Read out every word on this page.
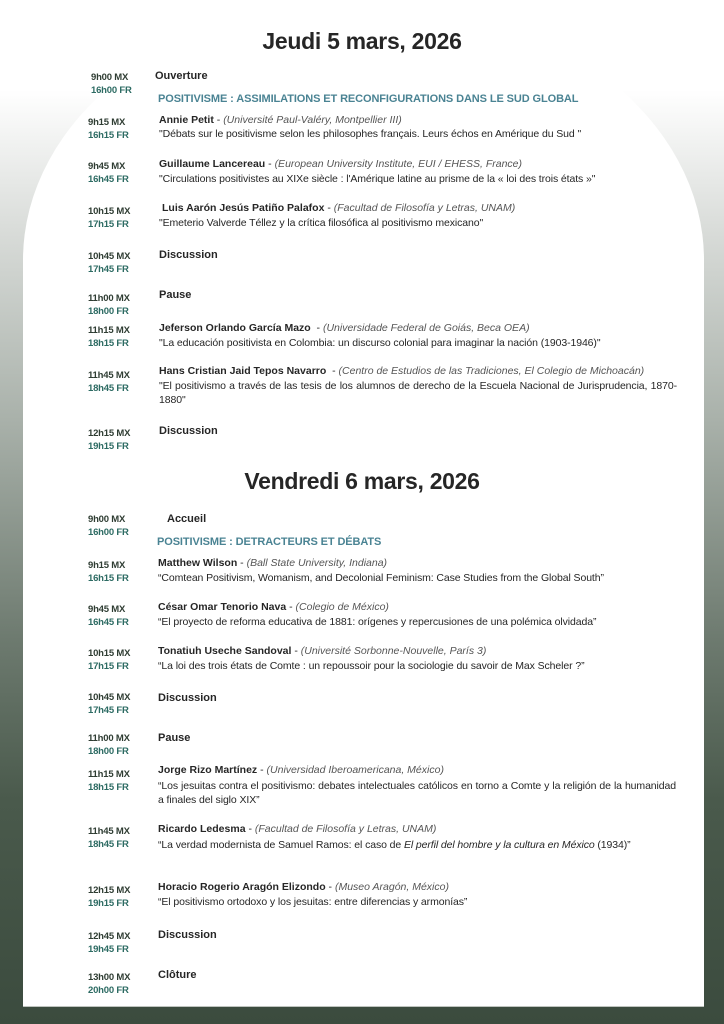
Jeudi 5 mars, 2026
9h00 MX
16h00 FR
Ouverture
POSITIVISME : ASSIMILATIONS ET RECONFIGURATIONS DANS LE SUD GLOBAL
9h15 MX
16h15 FR
Annie Petit - (Université Paul-Valéry, Montpellier III)
"Débats sur le positivisme selon les philosophes français. Leurs échos en Amérique du Sud "
9h45 MX
16h45 FR
Guillaume Lancereau - (European University Institute, EUI / EHESS, France)
"Circulations positivistes au XIXe siècle : l'Amérique latine au prisme de la « loi des trois états »"
10h15 MX
17h15 FR
Luis Aarón Jesús Patiño Palafox - (Facultad de Filosofía y Letras, UNAM)
"Emeterio Valverde Téllez y la crítica filosófica al positivismo mexicano"
10h45 MX
17h45 FR
Discussion
11h00 MX
18h00 FR
Pause
11h15 MX
18h15 FR
Jeferson Orlando García Mazo  - (Universidade Federal de Goiás, Beca OEA)
"La educación positivista en Colombia: un discurso colonial para imaginar la nación (1903-1946)"
11h45 MX
18h45 FR
Hans Cristian Jaid Tepos Navarro  - (Centro de Estudios de las Tradiciones, El Colegio de Michoacán)
"El positivismo a través de las tesis de los alumnos de derecho de la Escuela Nacional de Jurisprudencia, 1870-1880"
12h15 MX
19h15 FR
Discussion
Vendredi 6 mars, 2026
9h00 MX
16h00 FR
Accueil
POSITIVISME : DETRACTEURS ET DÉBATS
9h15 MX
16h15 FR
Matthew Wilson - (Ball State University, Indiana)
“Comtean Positivism, Womanism, and Decolonial Feminism: Case Studies from the Global South”
9h45 MX
16h45 FR
César Omar Tenorio Nava - (Colegio de México)
“El proyecto de reforma educativa de 1881: orígenes y repercusiones de una polémica olvidada”
10h15 MX
17h15 FR
Tonatiuh Useche Sandoval - (Université Sorbonne-Nouvelle, París 3)
“La loi des trois états de Comte : un repoussoir pour la sociologie du savoir de Max Scheler ?”
10h45 MX
17h45 FR
Discussion
11h00 MX
18h00 FR
Pause
11h15 MX
18h15 FR
Jorge Rizo Martínez - (Universidad Iberoamericana, México)
“Los jesuitas contra el positivismo: debates intelectuales católicos en torno a Comte y la religión de la humanidad a finales del siglo XIX”
11h45 MX
18h45 FR
Ricardo Ledesma - (Facultad de Filosofía y Letras, UNAM)
“La verdad modernista de Samuel Ramos: el caso de El perfil del hombre y la cultura en México (1934)”
12h15 MX
19h15 FR
Horacio Rogerio Aragón Elizondo - (Museo Aragón, México)
“El positivismo ortodoxo y los jesuitas: entre diferencias y armonías”
12h45 MX
19h45 FR
Discussion
13h00 MX
20h00 FR
Clôture
